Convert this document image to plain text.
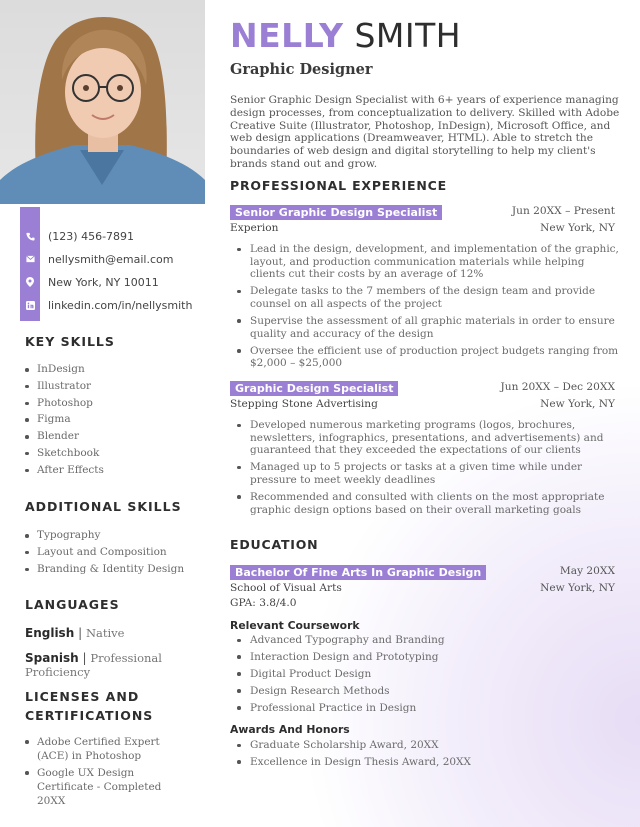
(123) 456-7891
nellysmith@email.com
New York, NY 10011
linkedin.com/in/nellysmith
KEY SKILLS
InDesign
Illustrator
Photoshop
Figma
Blender
Sketchbook
After Effects
ADDITIONAL SKILLS
Typography
Layout and Composition
Branding & Identity Design
LANGUAGES
English | Native
Spanish | Professional Proficiency
LICENSES AND
CERTIFICATIONS
Adobe Certified Expert (ACE) in Photoshop
Google UX Design Certificate - Completed 20XX
NELLY SMITH
Graphic Designer
Senior Graphic Design Specialist with 6+ years of experience managing design processes, from conceptualization to delivery. Skilled with Adobe Creative Suite (Illustrator, Photoshop, InDesign), Microsoft Office, and web design applications (Dreamweaver, HTML). Able to stretch the boundaries of web design and digital storytelling to help my client's brands stand out and grow.
PROFESSIONAL EXPERIENCE
Senior Graphic Design Specialist	Jun 20XX – Present
Experion	New York, NY
Lead in the design, development, and implementation of the graphic, layout, and production communication materials while helping clients cut their costs by an average of 12%
Delegate tasks to the 7 members of the design team and provide counsel on all aspects of the project
Supervise the assessment of all graphic materials in order to ensure quality and accuracy of the design
Oversee the efficient use of production project budgets ranging from $2,000 – $25,000
Graphic Design Specialist	Jun 20XX – Dec 20XX
Stepping Stone Advertising	New York, NY
Developed numerous marketing programs (logos, brochures, newsletters, infographics, presentations, and advertisements) and guaranteed that they exceeded the expectations of our clients
Managed up to 5 projects or tasks at a given time while under pressure to meet weekly deadlines
Recommended and consulted with clients on the most appropriate graphic design options based on their overall marketing goals
EDUCATION
Bachelor Of Fine Arts In Graphic Design	May 20XX
School of Visual Arts	New York, NY
GPA: 3.8/4.0
Relevant Coursework
Advanced Typography and Branding
Interaction Design and Prototyping
Digital Product Design
Design Research Methods
Professional Practice in Design
Awards And Honors
Graduate Scholarship Award, 20XX
Excellence in Design Thesis Award, 20XX
